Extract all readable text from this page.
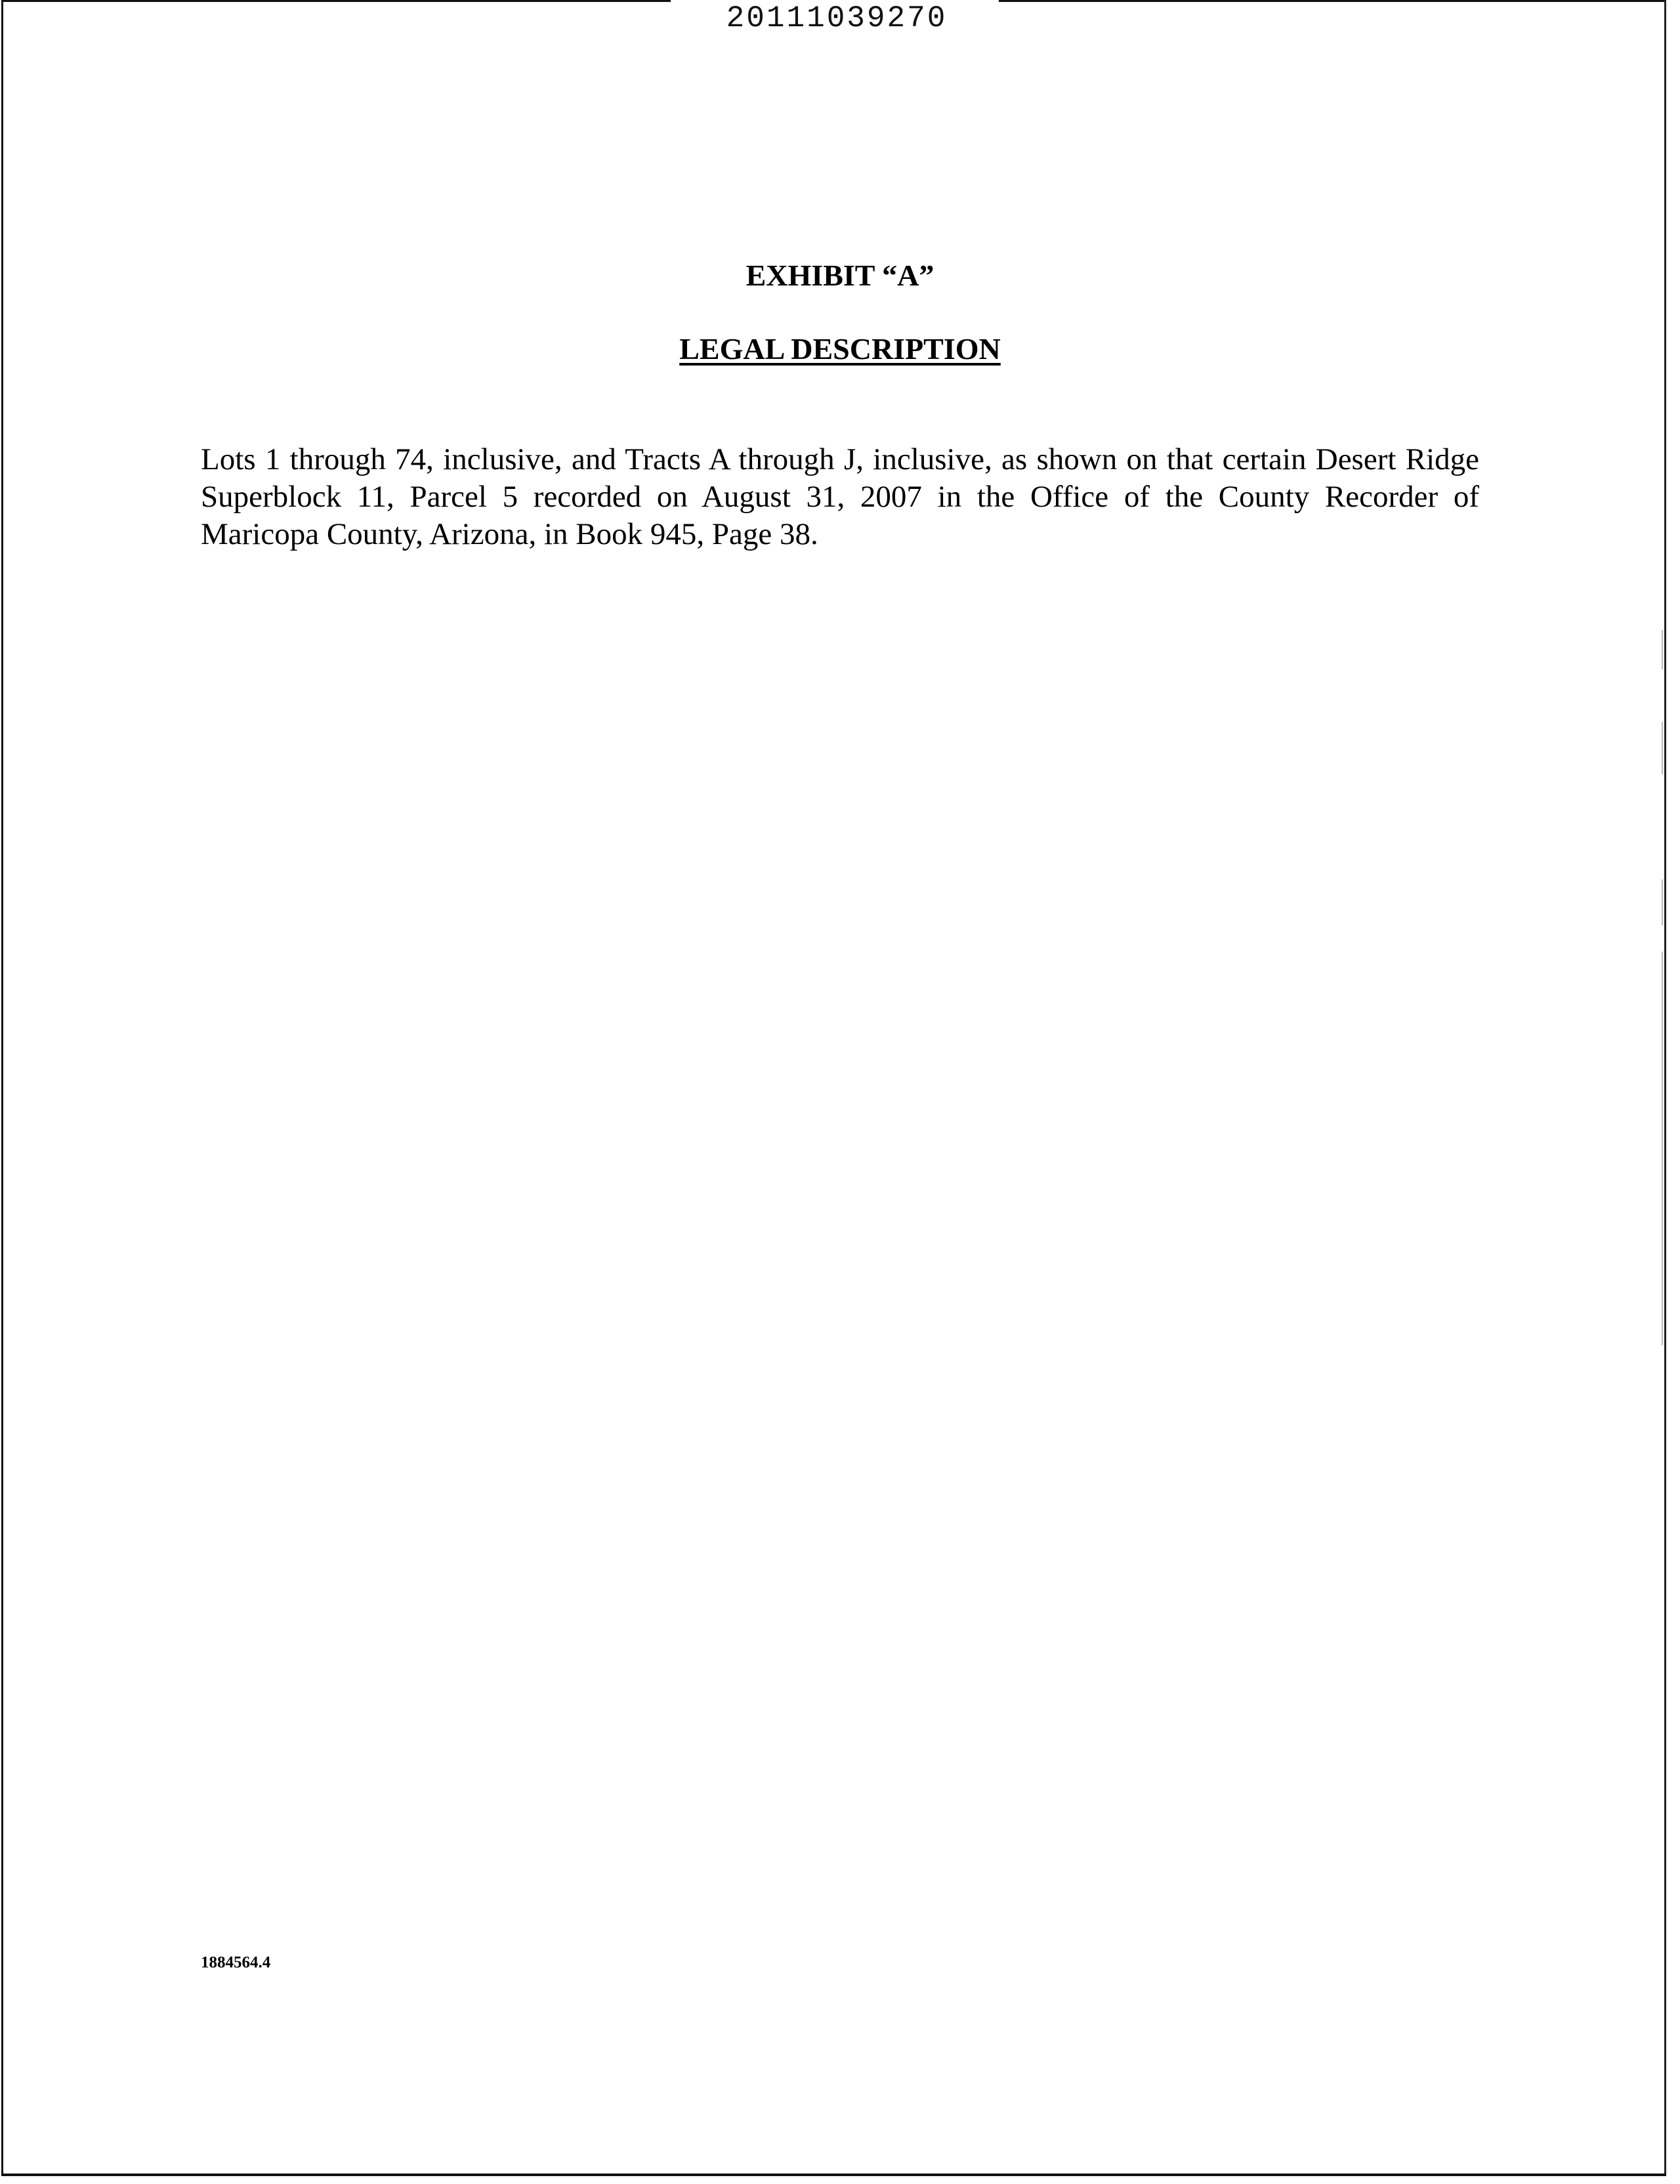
20111039270
EXHIBIT “A”
LEGAL DESCRIPTION
Lots 1 through 74, inclusive, and Tracts A through J, inclusive, as shown on that certain Desert Ridge Superblock 11, Parcel 5 recorded on August 31, 2007 in the Office of the County Recorder of Maricopa County, Arizona, in Book 945, Page 38.
1884564.4
